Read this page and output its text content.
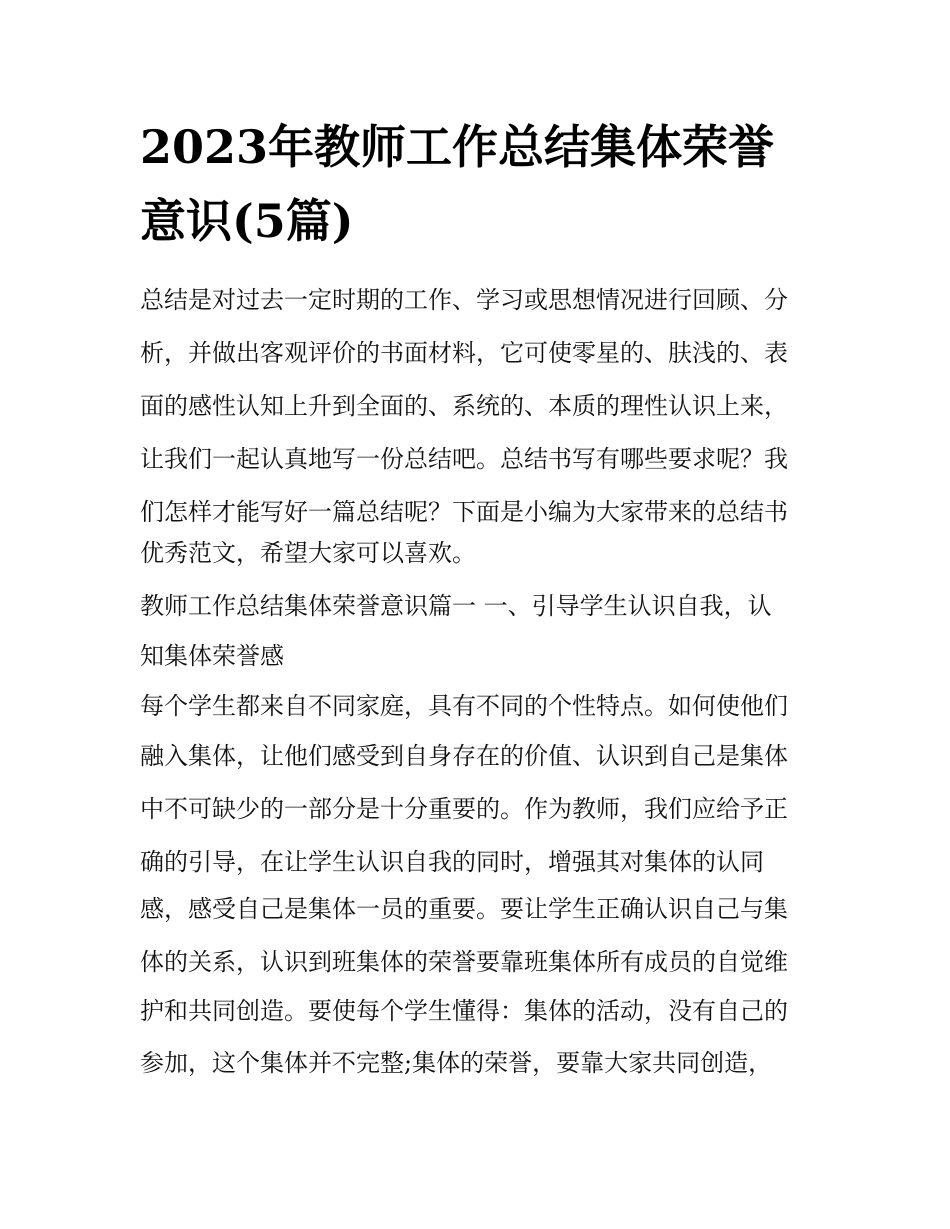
2023年教师工作总结集体荣誉
意识(5篇)

总结是对过去一定时期的工作、学习或思想情况进行回顾、分

析，并做出客观评价的书面材料，它可使零星的、肤浅的、表

面的感性认知上升到全面的、系统的、本质的理性认识上来，

让我们一起认真地写一份总结吧。总结书写有哪些要求呢？我

们怎样才能写好一篇总结呢？下面是小编为大家带来的总结书

优秀范文，希望大家可以喜欢。

教师工作总结集体荣誉意识篇一 一、引导学生认识自我，认

知集体荣誉感

每个学生都来自不同家庭，具有不同的个性特点。如何使他们

融入集体，让他们感受到自身存在的价值、认识到自己是集体

中不可缺少的一部分是十分重要的。作为教师，我们应给予正

确的引导，在让学生认识自我的同时，增强其对集体的认同

感，感受自己是集体一员的重要。要让学生正确认识自己与集

体的关系，认识到班集体的荣誉要靠班集体所有成员的自觉维

护和共同创造。要使每个学生懂得：集体的活动，没有自己的

参加，这个集体并不完整;集体的荣誉，要靠大家共同创造，
